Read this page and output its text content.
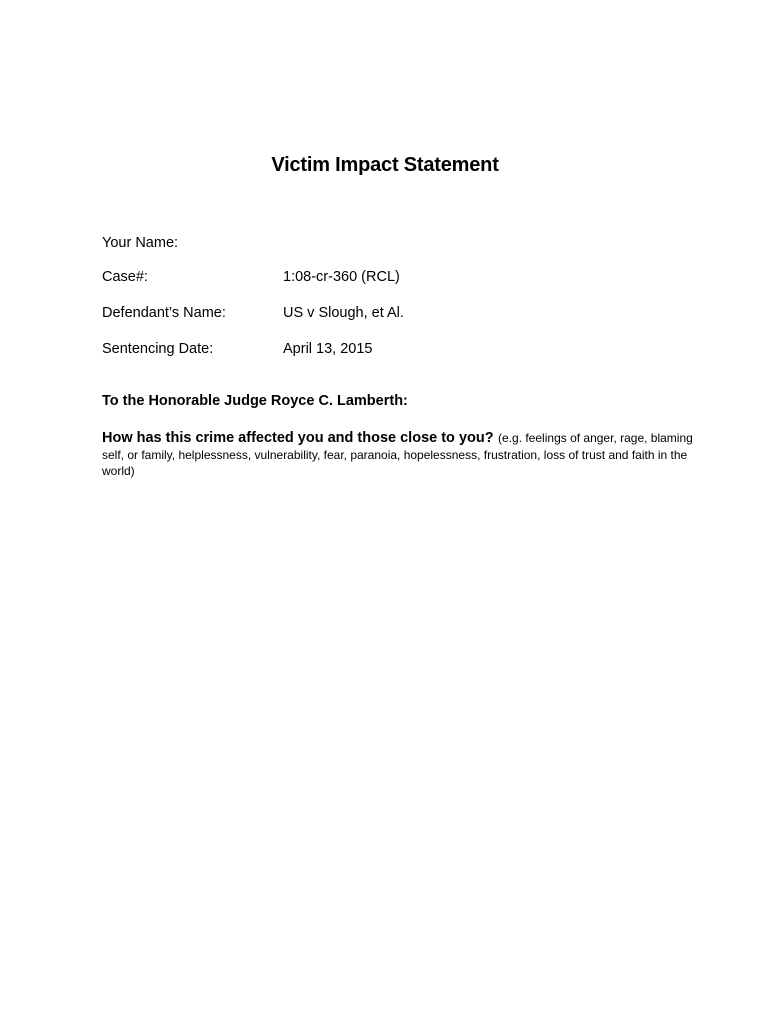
Victim Impact Statement
Your Name:
Case#:	1:08-cr-360 (RCL)
Defendant’s Name:	US v Slough, et Al.
Sentencing Date:	April 13, 2015
To the Honorable Judge Royce C. Lamberth:
How has this crime affected you and those close to you? (e.g. feelings of anger, rage, blaming self, or family, helplessness, vulnerability, fear, paranoia, hopelessness, frustration, loss of trust and faith in the world)
